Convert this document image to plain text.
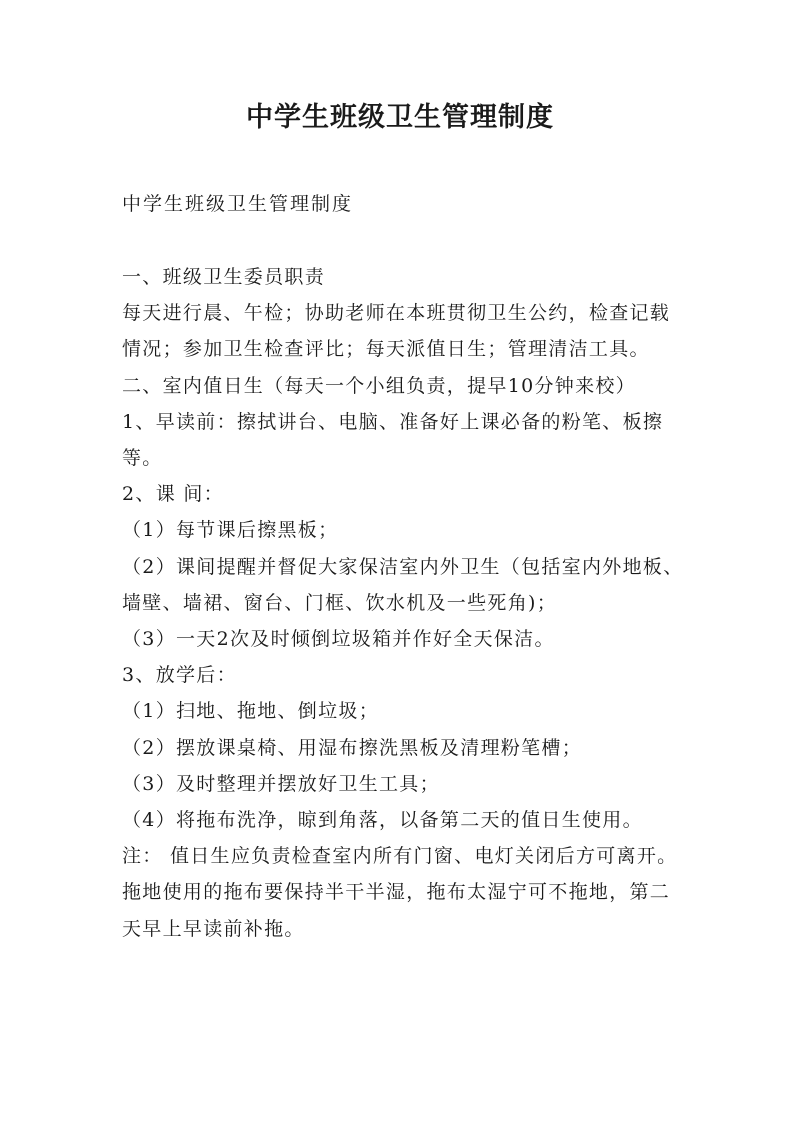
中学生班级卫生管理制度

中学生班级卫生管理制度

一、班级卫生委员职责

每天进行晨、午检；协助老师在本班贯彻卫生公约，检查记载情况；参加卫生检查评比；每天派值日生；管理清洁工具。

二、室内值日生（每天一个小组负责，提早10分钟来校）

1、早读前：擦拭讲台、电脑、准备好上课必备的粉笔、板擦等。

2、课 间：

（1）每节课后擦黑板；

（2）课间提醒并督促大家保洁室内外卫生（包括室内外地板、墙壁、墙裙、窗台、门框、饮水机及一些死角)；

（3）一天2次及时倾倒垃圾箱并作好全天保洁。

3、放学后：

（1）扫地、拖地、倒垃圾；

（2）摆放课桌椅、用湿布擦洗黑板及清理粉笔槽；

（3）及时整理并摆放好卫生工具；

（4）将拖布洗净，晾到角落，以备第二天的值日生使用。

注： 值日生应负责检查室内所有门窗、电灯关闭后方可离开。

拖地使用的拖布要保持半干半湿，拖布太湿宁可不拖地，第二天早上早读前补拖。
